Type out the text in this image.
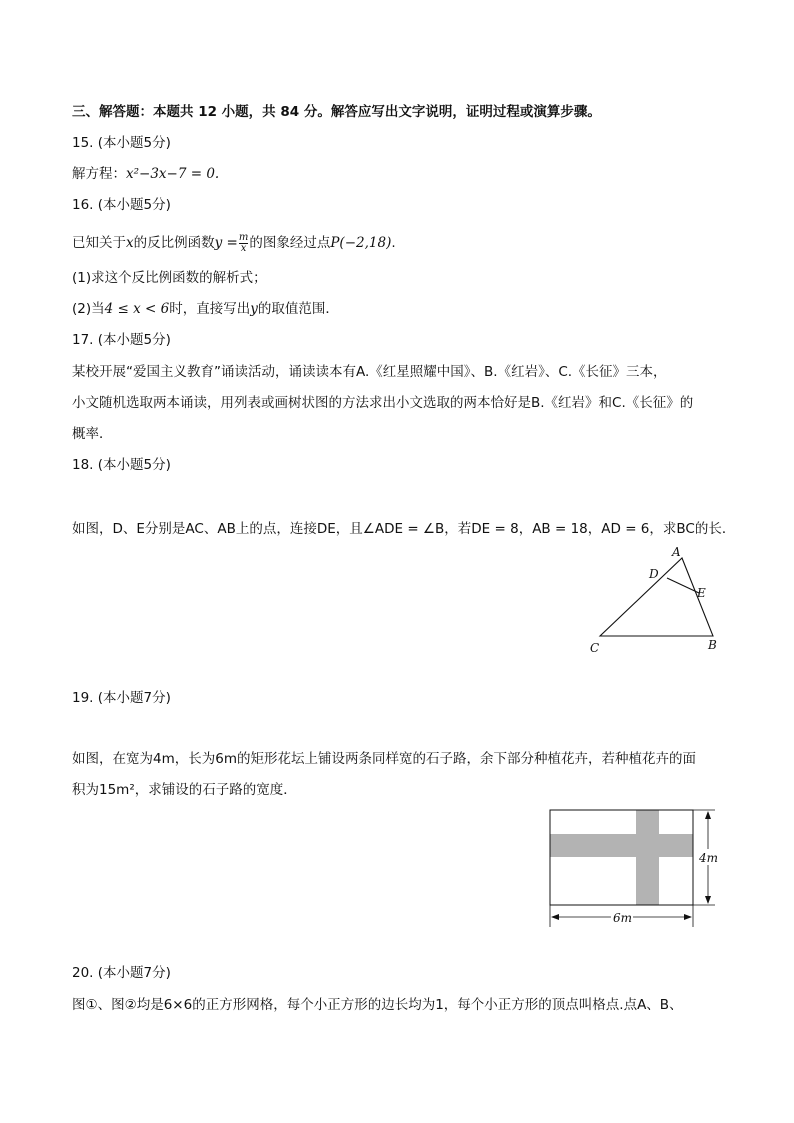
三、解答题：本题共 12 小题，共 84 分。解答应写出文字说明，证明过程或演算步骤。
15. (本小题5分)
解方程：x²−3x−7 = 0.
16. (本小题5分)
已知关于x的反比例函数$y = \frac{m}{x}$ 的图象经过点P(−2,18).
(1)求这个反比例函数的解析式；
(2)当4 ≤ x < 6时，直接写出y的取值范围．
17. (本小题5分)
某校开展“爱国主义教育”诵读活动，诵读读本有A.《红星照耀中国》、B.《红岩》、C.《长征》三本，
小文随机选取两本诵读，用列表或画树状图的方法求出小文选取的两本恰好是B.《红岩》和C.《长征》的
概率．
18. (本小题5分)
如图，D、E分别是AC、AB上的点，连接DE，且∠ADE = ∠B，若DE = 8，AB = 18，AD = 6，求BC的长．
A
D
E
C	B
19. (本小题7分)
如图，在宽为4m，长为6m的矩形花坛上铺设两条同样宽的石子路，余下部分种植花卉，若种植花卉的面
积为15m²，求铺设的石子路的宽度．
4m
6m
20. (本小题7分)
图①、图②均是6×6的正方形网格，每个小正方形的边长均为1，每个小正方形的顶点叫格点.点A、B、
